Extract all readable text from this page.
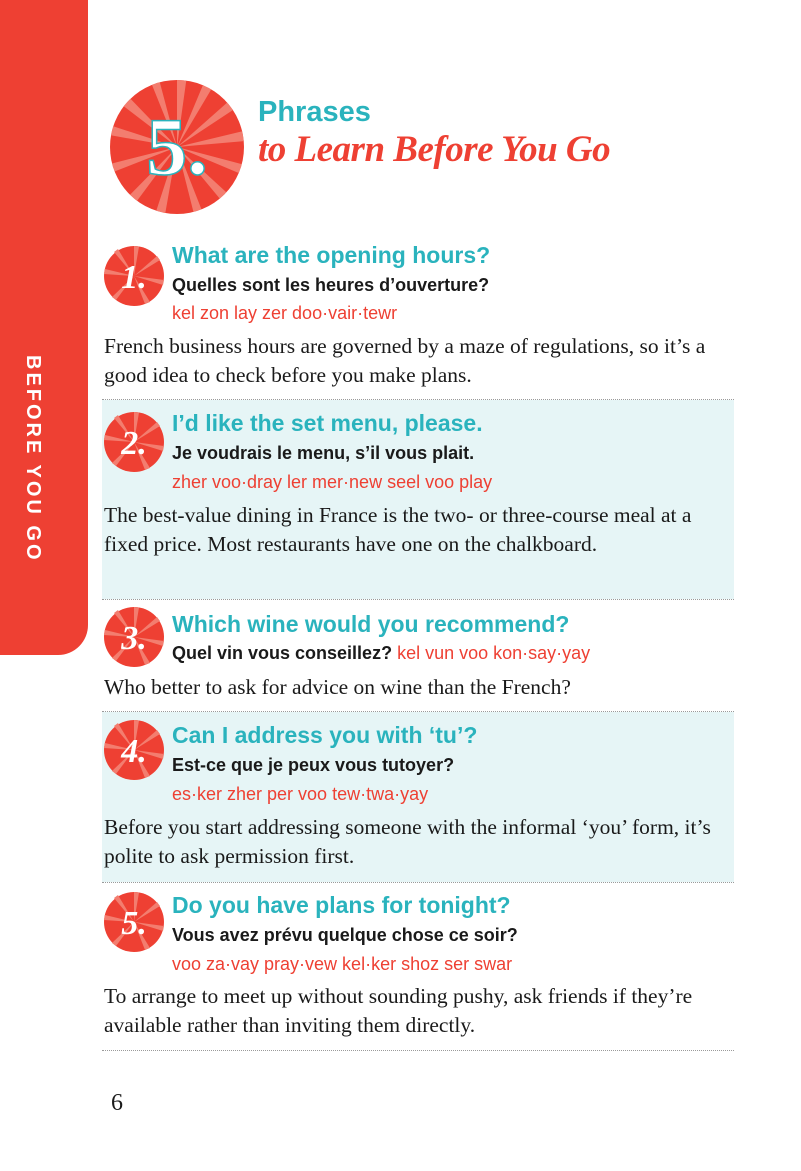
BEFORE YOU GO
5. Phrases
to Learn Before You Go
1.
What are the opening hours?
Quelles sont les heures d’ouverture?
kel zon lay zer doo·vair·tewr
French business hours are governed by a maze of regulations, so it’s a good idea to check before you make plans.
2.
I’d like the set menu, please.
Je voudrais le menu, s’il vous plait.
zher voo·dray ler mer·new seel voo play
The best-value dining in France is the two- or three-course meal at a fixed price. Most restaurants have one on the chalkboard.
3. Which wine would you recommend?
Quel vin vous conseillez? kel vun voo kon·say·yay
Who better to ask for advice on wine than the French?
4. Can I address you with ‘tu’?
Est-ce que je peux vous tutoyer?
es·ker zher per voo tew·twa·yay
Before you start addressing someone with the informal ‘you’ form, it’s polite to ask permission first.
5. Do you have plans for tonight?
Vous avez prévu quelque chose ce soir?
voo za·vay pray·vew kel·ker shoz ser swar
To arrange to meet up without sounding pushy, ask friends if they’re available rather than inviting them directly.
6
